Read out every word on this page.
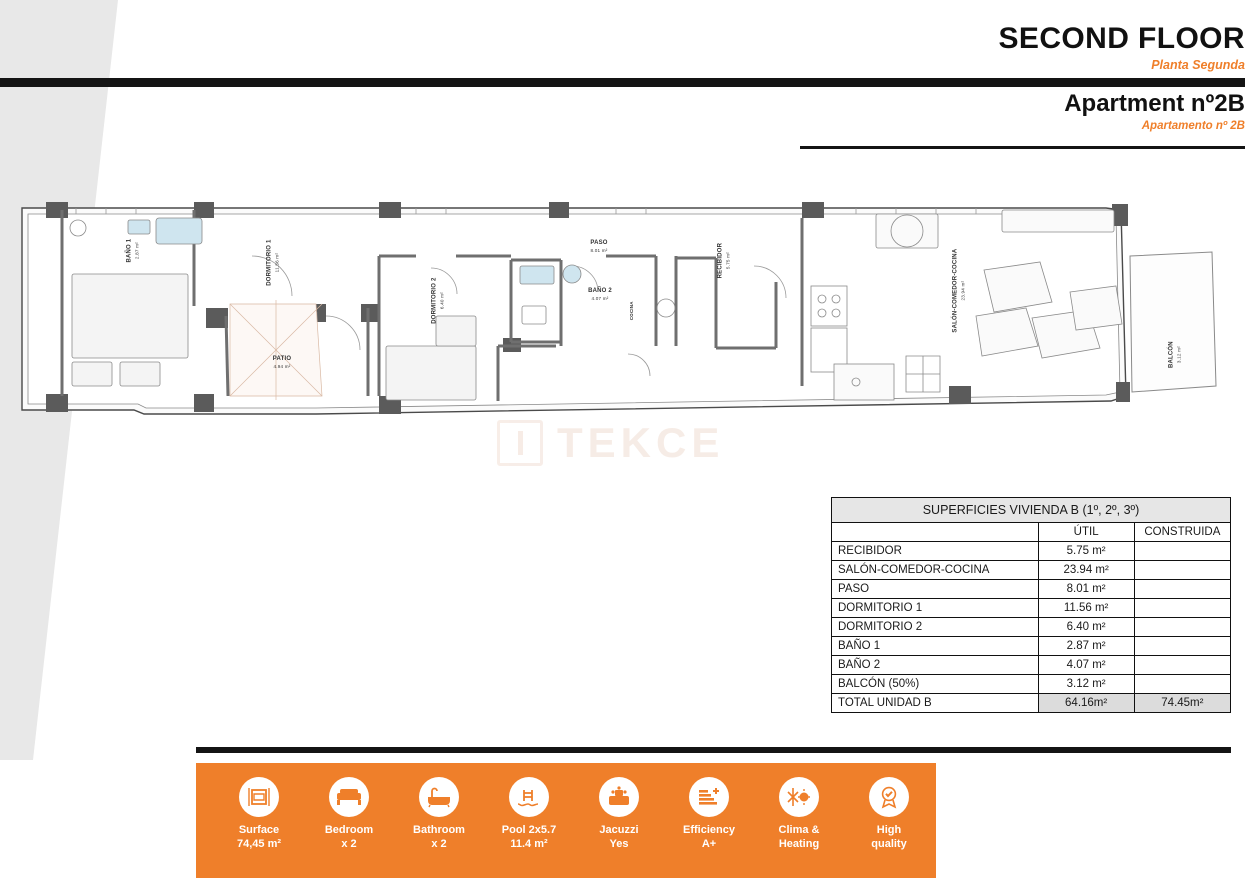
SECOND FLOOR
Planta Segunda
Apartment nº2B
Apartamento nº 2B
BAÑO 1 2.87 m²	DORMITORIO 1 11.56 m²
PATIO
4.94 m²
DORMITORIO 2 6.40 m²
PASO
8.01 m²
BAÑO 2
4.07 m²
COCINA
RECIBIDOR 5.75 m²	SALÓN-COMEDOR-COCINA 23.94 m²
BALCÓN 3.12 m²
TEKCE
SUPERFICIES VIVIENDA B (1º, 2º, 3º)		
	ÚTIL	CONSTRUIDA
RECIBIDOR	5.75 m²	
SALÓN-COMEDOR-COCINA	23.94 m²	
PASO	8.01 m²	
DORMITORIO 1	11.56 m²	
DORMITORIO 2	6.40 m²	
BAÑO 1	2.87 m²	
BAÑO 2	4.07 m²	
BALCÓN (50%)	3.12 m²	
TOTAL UNIDAD B	64.16m²	74.45m²
Surface
74,45 m²
Bedroom
x 2
Bathroom
x 2
Pool 2x5.7
11.4 m²
Jacuzzi
Yes
Efficiency
A+
Clima &
Heating
High
quality
